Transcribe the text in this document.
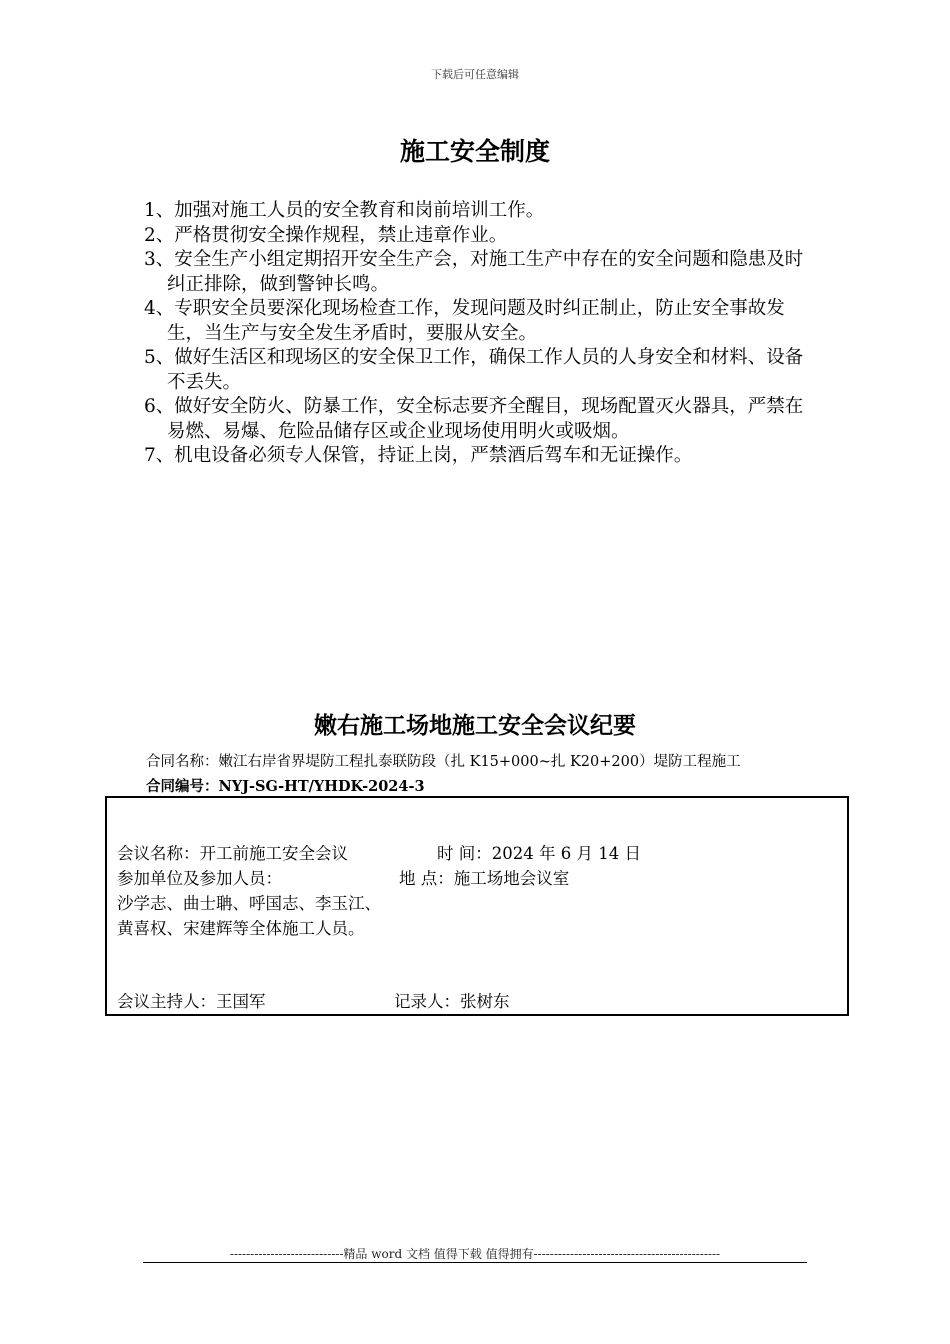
下载后可任意编辑
施工安全制度
1、加强对施工人员的安全教育和岗前培训工作。
2、严格贯彻安全操作规程，禁止违章作业。
3、安全生产小组定期招开安全生产会，对施工生产中存在的安全问题和隐患及时纠正排除，做到警钟长鸣。
4、专职安全员要深化现场检查工作，发现问题及时纠正制止，防止安全事故发生，当生产与安全发生矛盾时，要服从安全。
5、做好生活区和现场区的安全保卫工作，确保工作人员的人身安全和材料、设备不丢失。
6、做好安全防火、防暴工作，安全标志要齐全醒目，现场配置灭火器具，严禁在易燃、易爆、危险品储存区或企业现场使用明火或吸烟。
7、机电设备必须专人保管，持证上岗，严禁酒后驾车和无证操作。
嫩右施工场地施工安全会议纪要
合同名称：嫩江右岸省界堤防工程扎泰联防段（扎 K15+000~扎 K20+200）堤防工程施工
合同编号：NYJ-SG-HT/YHDK-2024-3
会议名称：开工前施工安全会议	时 间：2024 年 6 月 14 日
参加单位及参加人员：	地 点：施工场地会议室
沙学志、曲士聃、呼国志、李玉江、
黄喜权、宋建辉等全体施工人员。
会议主持人：王国军	记录人：张树东
----------------------------精品 word 文档 值得下载 值得拥有----------------------------------------------
